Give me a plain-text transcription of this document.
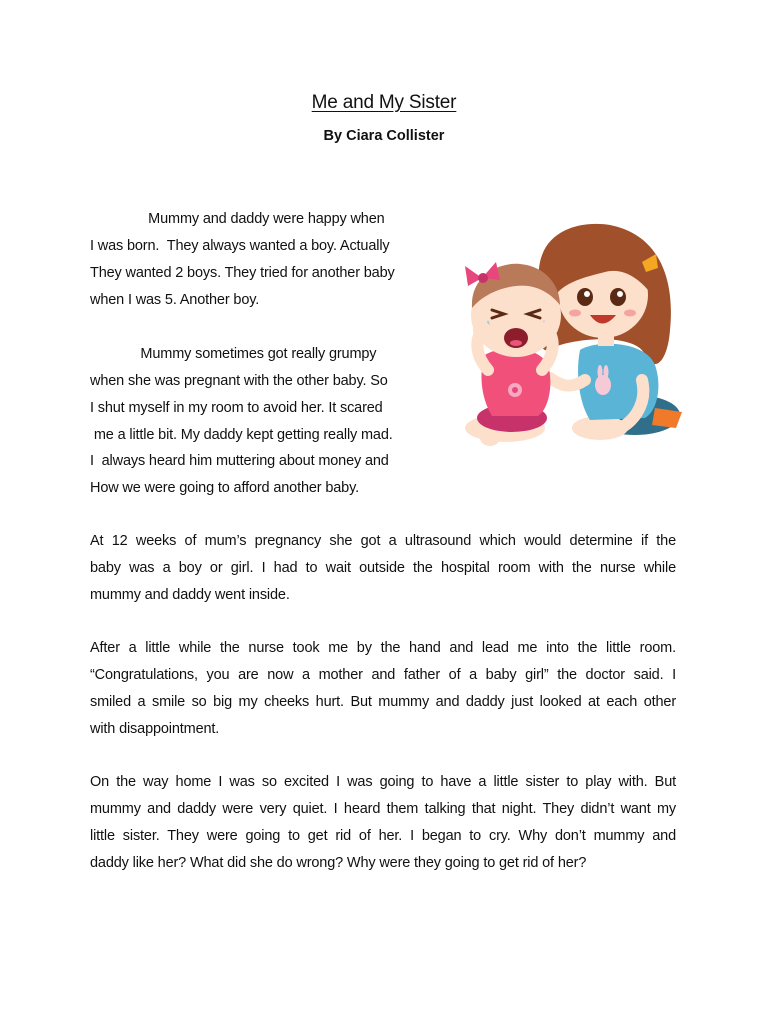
Me and My Sister
By Ciara Collister
Mummy and daddy were happy when
I was born.  They always wanted a boy. Actually
They wanted 2 boys. They tried for another baby
when I was 5. Another boy.
Mummy sometimes got really grumpy
when she was pregnant with the other baby. So
I shut myself in my room to avoid her. It scared
me a little bit. My daddy kept getting really mad.
I  always heard him muttering about money and
How we were going to afford another baby.
At 12 weeks of mum’s pregnancy she got a ultrasound which would determine if the
baby was a boy or girl. I had to wait outside the hospital room with the nurse while
mummy and daddy went inside.
After a little while the nurse took me by the hand and lead me into the little room.
“Congratulations, you are now a mother and father of a baby girl” the doctor said. I
smiled a smile so big my cheeks hurt. But mummy and daddy just looked at each other
with disappointment.
On the way home I was so excited I was going to have a little sister to play with. But
mummy and daddy were very quiet. I heard them talking that night. They didn’t want my
little sister. They were going to get rid of her. I began to cry. Why don’t mummy and
daddy like her? What did she do wrong? Why were they going to get rid of her?
